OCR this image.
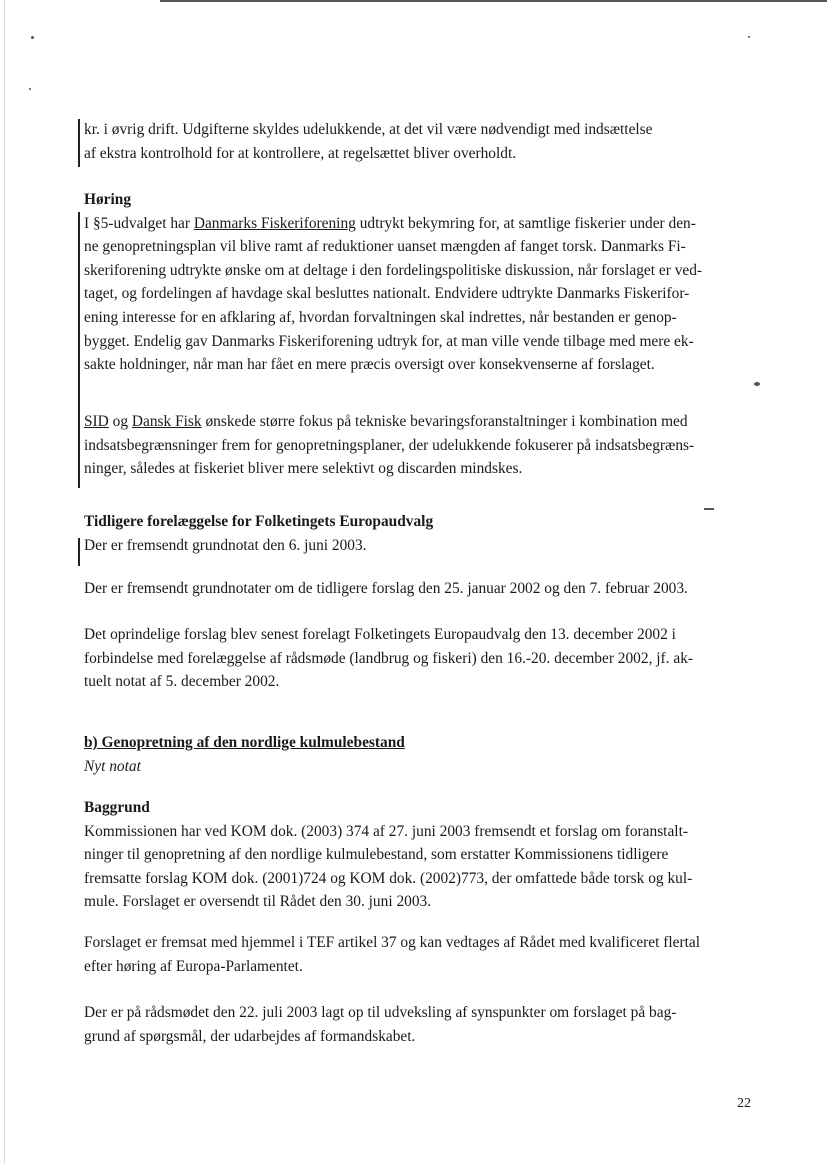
kr. i øvrig drift. Udgifterne skyldes udelukkende, at det vil være nødvendigt med indsættelse
af ekstra kontrolhold for at kontrollere, at regelsættet bliver overholdt.
Høring
I §5-udvalget har Danmarks Fiskeriforening udtrykt bekymring for, at samtlige fiskerier under den-
ne genopretningsplan vil blive ramt af reduktioner uanset mængden af fanget torsk. Danmarks Fi-
skeriforening udtrykte ønske om at deltage i den fordelingspolitiske diskussion, når forslaget er ved-
taget, og fordelingen af havdage skal besluttes nationalt. Endvidere udtrykte Danmarks Fiskerifor-
ening interesse for en afklaring af, hvordan forvaltningen skal indrettes, når bestanden er genop-
bygget. Endelig gav Danmarks Fiskeriforening udtryk for, at man ville vende tilbage med mere ek-
sakte holdninger, når man har fået en mere præcis oversigt over konsekvenserne af forslaget.
SID og Dansk Fisk ønskede større fokus på tekniske bevaringsforanstaltninger i kombination med
indsatsbegrænsninger frem for genopretningsplaner, der udelukkende fokuserer på indsatsbegræns-
ninger, således at fiskeriet bliver mere selektivt og discarden mindskes.
Tidligere forelæggelse for Folketingets Europaudvalg
Der er fremsendt grundnotat den 6. juni 2003.
Der er fremsendt grundnotater om de tidligere forslag den 25. januar 2002 og den 7. februar 2003.
Det oprindelige forslag blev senest forelagt Folketingets Europaudvalg den 13. december 2002 i
forbindelse med forelæggelse af rådsmøde (landbrug og fiskeri) den 16.-20. december 2002, jf. ak-
tuelt notat af 5. december 2002.
b) Genopretning af den nordlige kulmulebestand
Nyt notat
Baggrund
Kommissionen har ved KOM dok. (2003) 374 af 27. juni 2003 fremsendt et forslag om foranstalt-
ninger til genopretning af den nordlige kulmulebestand, som erstatter Kommissionens tidligere
fremsatte forslag KOM dok. (2001)724 og KOM dok. (2002)773, der omfattede både torsk og kul-
mule. Forslaget er oversendt til Rådet den 30. juni 2003.
Forslaget er fremsat med hjemmel i TEF artikel 37 og kan vedtages af Rådet med kvalificeret flertal
efter høring af Europa-Parlamentet.
Der er på rådsmødet den 22. juli 2003 lagt op til udveksling af synspunkter om forslaget på bag-
grund af spørgsmål, der udarbejdes af formandskabet.
22
